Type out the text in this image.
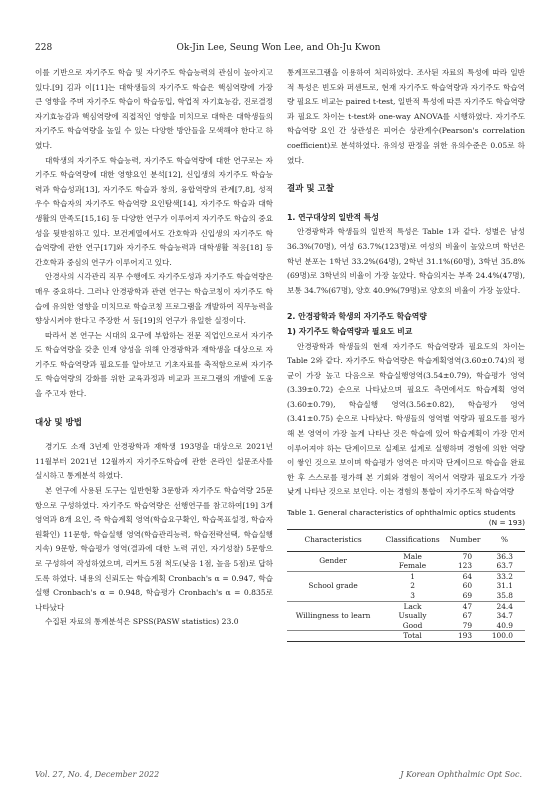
228	Ok-Jin Lee, Seung Won Lee, and Oh-Ju Kwon

이를 기반으로 자기주도 학습 및 자기주도 학습능력의 관심이 높아지고 있다.[9] 김과 이[11]는 대학생들의 자기주도 학습은 핵심역량에 가장 큰 영향을 주며 자기주도 학습이 학습동입, 학업적 자기효능감, 진로결정 자기효능감과 핵심역량에 직접적인 영향을 미치므로 대학은 대학생들의 자기주도 학습역량을 높일 수 있는 다양한 방안들을 모색해야 한다고 하였다.

대학생의 자기주도 학습능력, 자기주도 학습역량에 대한 연구로는 자기주도 학습역량에 대한 영향요인 분석[12], 신입생의 자기주도 학습능력과 학습성과[13], 자기주도 학습과 창의, 융합역량의 관계[7,8], 성적우수 학습자의 자기주도 학습역량 요인탐색[14], 자기주도 학습과 대학생활의 만족도[15,16] 등 다양한 연구가 이루어져 자기주도 학습의 중요성을 뒷받침하고 있다. 보건계열에서도 간호학과 신입생의 자기주도 학습역량에 관한 연구[17]와 자기주도 학습능력과 대학생활 적응[18] 등 간호학과 중심의 연구가 이루어지고 있다.

안경사의 시각관리 직무 수행에도 자기주도성과 자기주도 학습역량은 매우 중요하다. 그러나 안경광학과 관련 연구는 학습코칭이 자기주도 학습에 유의한 영향을 미치므로 학습코칭 프로그램을 개발하여 직무능력을 향상시켜야 한다고 주장한 서 등[19]의 연구가 유일한 실정이다.

따라서 본 연구는 시대의 요구에 부합하는 전문 직업인으로서 자기주도 학습역량을 갖춘 인재 양성을 위해 안경광학과 재학생을 대상으로 자기주도 학습역량과 필요도를 알아보고 기초자료를 축적함으로써 자기주도 학습역량의 강화를 위한 교육과정과 비교과 프로그램의 개발에 도움을 주고자 한다.

대상 및 방법

경기도 소재 3년제 안경광학과 재학생 193명을 대상으로 2021년 11월부터 2021년 12월까지 자기주도학습에 관한 온라인 설문조사를 실시하고 통계분석 하였다.

본 연구에 사용된 도구는 일반현황 3문항과 자기주도 학습역량 25문항으로 구성하였다. 자기주도 학습역량은 선행연구를 참고하여[19] 3개 영역과 8개 요인, 즉 학습계획 영역(학습요구확인, 학습목표설정, 학습자원확인) 11문항, 학습실행 영역(학습관리능력, 학습전략선택, 학습실행지속) 9문항, 학습평가 영역(결과에 대한 노력 귀인, 자기성찰) 5문항으로 구성하여 작성하였으며, 리커트 5점 척도(낮음 1점, 높음 5점)로 답하도록 하였다. 내용의 신뢰도는 학습계획 Cronbach's α = 0.947, 학습실행 Cronbach's α = 0.948, 학습평가 Cronbach's α = 0.835로 나타났다

수집된 자료의 통계분석은 SPSS(PASW statistics) 23.0

통계프로그램을 이용하여 처리하였다. 조사된 자료의 특성에 따라 일반적 특성은 빈도와 퍼센트로, 현재 자기주도 학습역량과 자기주도 학습역량 필요도 비교는 paired t-test, 일반적 특성에 따른 자기주도 학습역량과 필요도 차이는 t-test와 one-way ANOVA를 시행하였다. 자기주도 학습역량 요인 간 상관성은 피어슨 상관계수(Pearson's correlation coefficient)로 분석하였다. 유의성 판정을 위한 유의수준은 0.05로 하였다.

결과 및 고찰
1. 연구대상의 일반적 특성

안경광학과 학생들의 일반적 특성은 Table 1과 같다. 성별은 남성 36.3%(70명), 여성 63.7%(123명)로 여성의 비율이 높았으며 학년은 학년 분포는 1학년 33.2%(64명), 2학년 31.1%(60명), 3학년 35.8%(69명)로 3학년의 비율이 가장 높았다. 학습의지는 부족 24.4%(47명), 보통 34.7%(67명), 양호 40.9%(79명)로 양호의 비율이 가장 높았다.

2. 안경광학과 학생의 자기주도 학습역량
1) 자기주도 학습역량과 필요도 비교

안경광학과 학생들의 현재 자기주도 학습역량과 필요도의 차이는 Table 2와 같다. 자기주도 학습역량은 학습계획영역(3.60±0.74)의 평균이 가장 높고 다음으로 학습실행영역(3.54±0.79), 학습평가 영역(3.39±0.72) 순으로 나타났으며 필요도 측면에서도 학습계획 영역(3.60±0.79), 학습실행 영역(3.56±0.82), 학습평가 영역(3.41±0.75) 순으로 나타났다. 학생들의 영역별 역량과 필요도를 평가해 본 영역이 가장 높게 나타난 것은 학습에 있어 학습계획이 가장 먼저 이루어져야 하는 단계이므로 실제로 설계로 실행하며 경험에 의한 역량이 쌓인 것으로 보이며 학습평가 영역은 마지막 단계이므로 학습을 완료한 후 스스로를 평가해 본 기회와 경험이 적어서 역량과 필요도가 가장 낮게 나타난 것으로 보인다. 이는 경험의 통합이 자기주도적 학습역량

Table 1. General characteristics of ophthalmic optics students
(N = 193)
Characteristics	Classifications	Number	%
Gender	Male	70	36.3
	Female	123	63.7
School grade	1	64	33.2
	2	60	31.1
	3	69	35.8
Willingness to learn	Lack	47	24.4
	Usually	67	34.7
	Good	79	40.9
	Total	193	100.0
Vol. 27, No. 4, December 2022	J Korean Ophthalmic Opt Soc.
